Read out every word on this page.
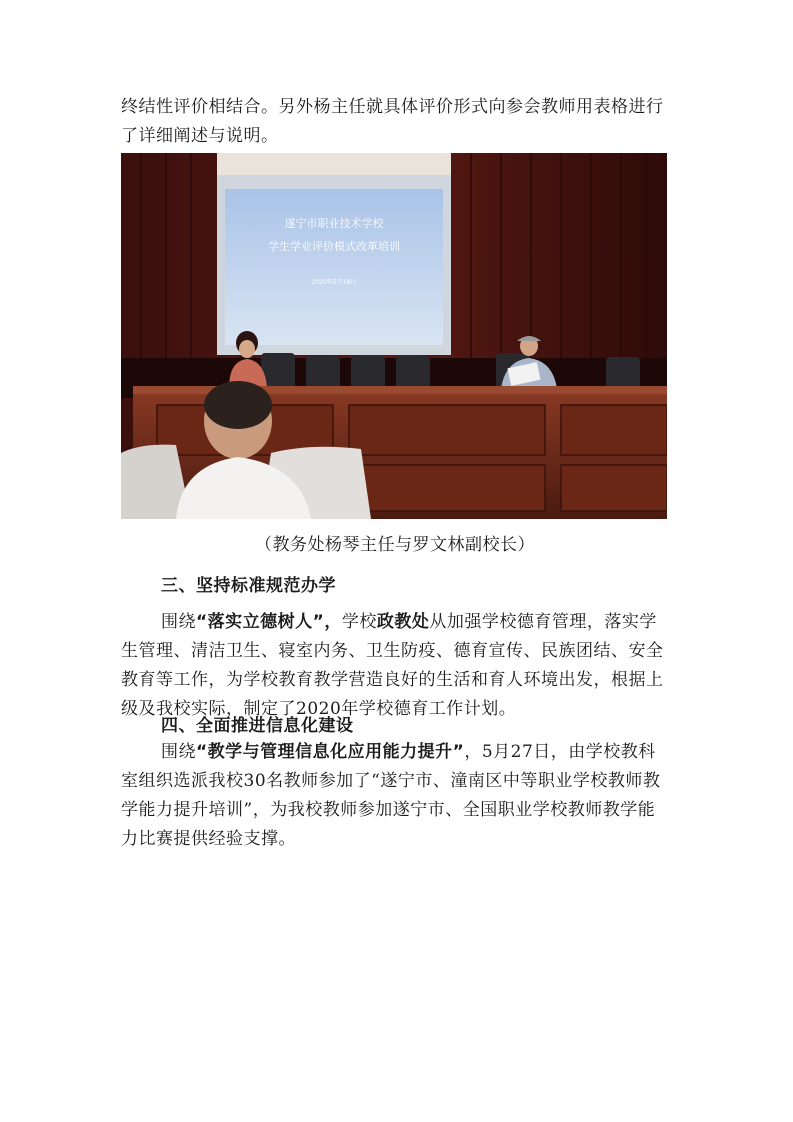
终结性评价相结合。另外杨主任就具体评价形式向参会教师用表格进行了详细阐述与说明。

遂宁市职业技术学校
学生学业评价模式改革培训
2020年5月18日
（教务处杨琴主任与罗文林副校长）

三、坚持标准规范办学

围绕“落实立德树人”，学校政教处从加强学校德育管理，落实学生管理、清洁卫生、寝室内务、卫生防疫、德育宣传、民族团结、安全教育等工作，为学校教育教学营造良好的生活和育人环境出发，根据上级及我校实际，制定了2020年学校德育工作计划。

四、全面推进信息化建设

围绕“教学与管理信息化应用能力提升”，5月27日，由学校教科室组织选派我校30名教师参加了“遂宁市、潼南区中等职业学校教师教学能力提升培训”，为我校教师参加遂宁市、全国职业学校教师教学能力比赛提供经验支撑。
